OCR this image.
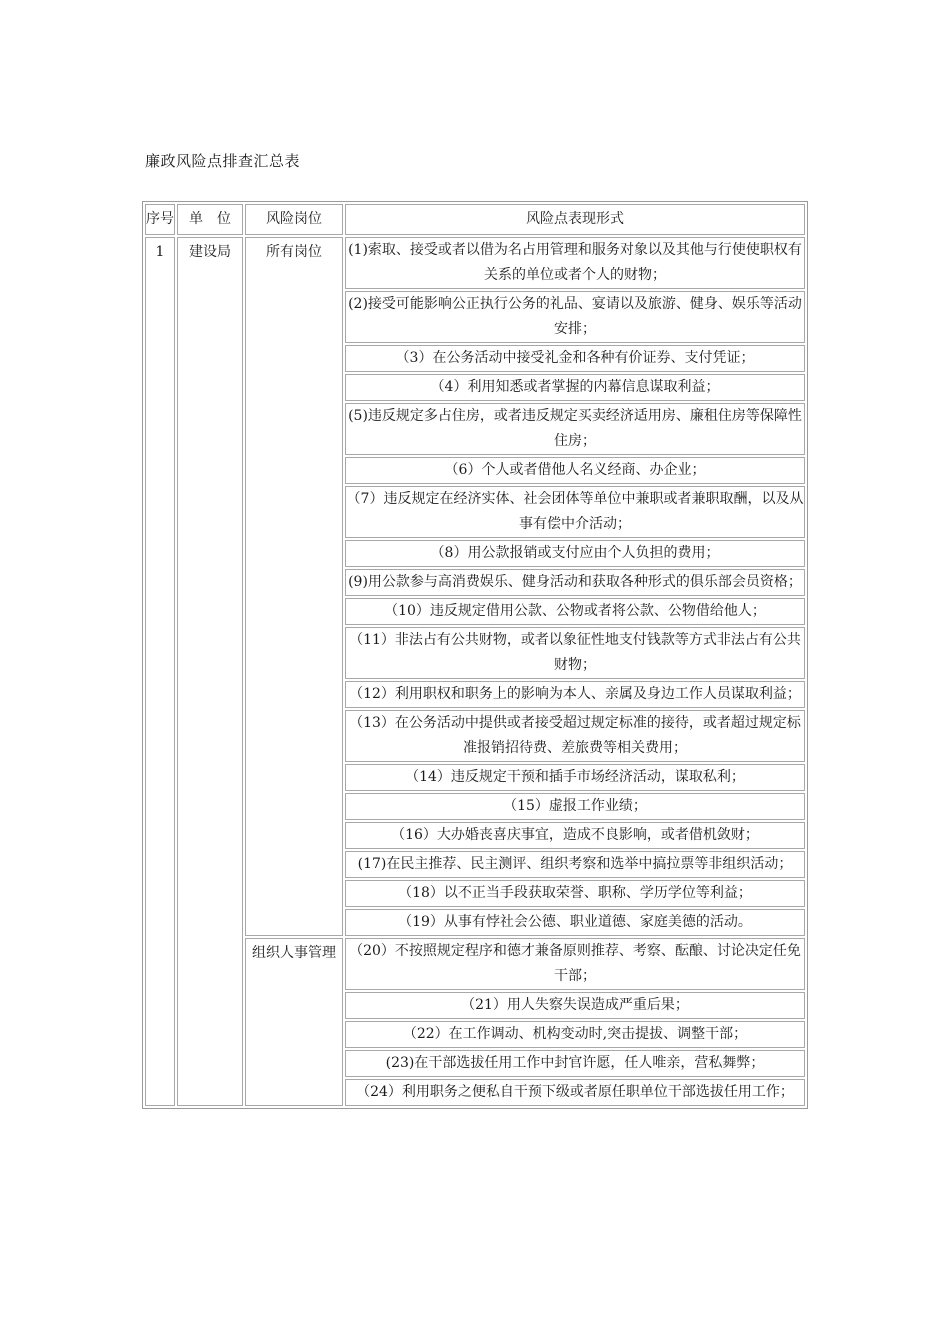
廉政风险点排查汇总表
序号	单　位	风险岗位	风险点表现形式
1	建设局	所有岗位	(1)索取、接受或者以借为名占用管理和服务对象以及其他与行使使职权有关系的单位或者个人的财物；

			(2)接受可能影响公正执行公务的礼品、宴请以及旅游、健身、娱乐等活动安排；

			（3）在公务活动中接受礼金和各种有价证券、支付凭证；

			（4）利用知悉或者掌握的内幕信息谋取利益；

			(5)违反规定多占住房，或者违反规定买卖经济适用房、廉租住房等保障性住房；

			（6）个人或者借他人名义经商、办企业；

			（7）违反规定在经济实体、社会团体等单位中兼职或者兼职取酬，以及从事有偿中介活动；

			（8）用公款报销或支付应由个人负担的费用；

			(9)用公款参与高消费娱乐、健身活动和获取各种形式的俱乐部会员资格；

			（10）违反规定借用公款、公物或者将公款、公物借给他人；

			（11）非法占有公共财物，或者以象征性地支付钱款等方式非法占有公共财物；

			（12）利用职权和职务上的影响为本人、亲属及身边工作人员谋取利益；

			（13）在公务活动中提供或者接受超过规定标准的接待，或者超过规定标准报销招待费、差旅费等相关费用；

			（14）违反规定干预和插手市场经济活动，谋取私利；

			（15）虚报工作业绩；

			（16）大办婚丧喜庆事宜，造成不良影响，或者借机敛财；

			(17)在民主推荐、民主测评、组织考察和选举中搞拉票等非组织活动；

			（18）以不正当手段获取荣誉、职称、学历学位等利益；

			（19）从事有悖社会公德、职业道德、家庭美德的活动。

		组织人事管理	（20）不按照规定程序和德才兼备原则推荐、考察、酝酿、讨论决定任免干部；

			（21）用人失察失误造成严重后果；

			（22）在工作调动、机构变动时,突击提拔、调整干部；

			(23)在干部选拔任用工作中封官许愿，任人唯亲，营私舞弊；

			（24）利用职务之便私自干预下级或者原任职单位干部选拔任用工作；
